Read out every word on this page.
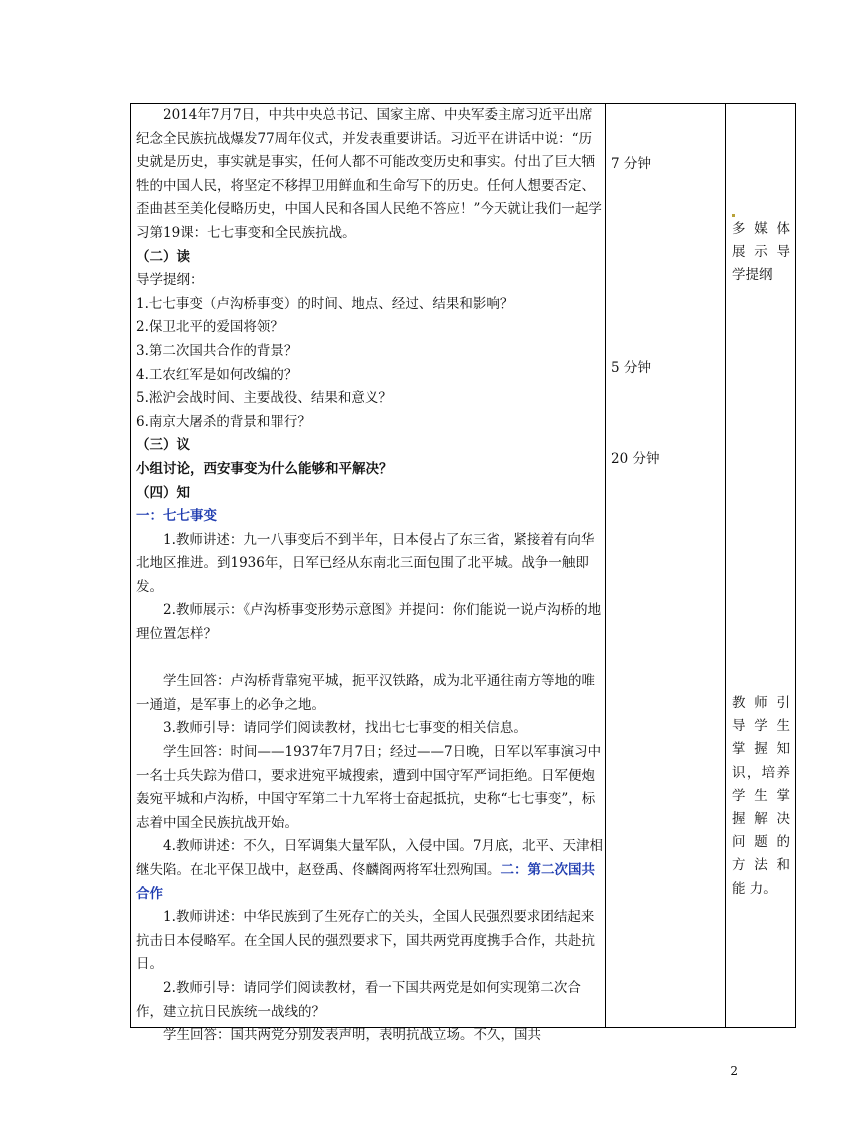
2014年7月7日，中共中央总书记、国家主席、中央军委主席习近平出席纪念全民族抗战爆发77周年仪式，并发表重要讲话。习近平在讲话中说：“历史就是历史，事实就是事实，任何人都不可能改变历史和事实。付出了巨大牺牲的中国人民，将坚定不移捍卫用鲜血和生命写下的历史。任何人想要否定、歪曲甚至美化侵略历史，中国人民和各国人民绝不答应！”今天就让我们一起学习第19课：七七事变和全民族抗战。

（二）读

导学提纲：

1.七七事变（卢沟桥事变）的时间、地点、经过、结果和影响？

2.保卫北平的爱国将领？

3.第二次国共合作的背景？

4.工农红军是如何改编的？

5.淞沪会战时间、主要战役、结果和意义？

6.南京大屠杀的背景和罪行？

（三）议

小组讨论，西安事变为什么能够和平解决？

（四）知

一：七七事变

1.教师讲述：九一八事变后不到半年，日本侵占了东三省，紧接着有向华北地区推进。到1936年，日军已经从东南北三面包围了北平城。战争一触即发。

2.教师展示：《卢沟桥事变形势示意图》并提问：你们能说一说卢沟桥的地理位置怎样？

学生回答：卢沟桥背靠宛平城，扼平汉铁路，成为北平通往南方等地的唯一通道，是军事上的必争之地。

3.教师引导：请同学们阅读教材，找出七七事变的相关信息。

学生回答：时间——1937年7月7日；经过——7日晚，日军以军事演习中一名士兵失踪为借口，要求进宛平城搜索，遭到中国守军严词拒绝。日军便炮轰宛平城和卢沟桥，中国守军第二十九军将士奋起抵抗，史称“七七事变”，标志着中国全民族抗战开始。

4.教师讲述：不久，日军调集大量军队，入侵中国。7月底，北平、天津相继失陷。在北平保卫战中，赵登禹、佟麟阁两将军壮烈殉国。二：第二次国共合作

1.教师讲述：中华民族到了生死存亡的关头，全国人民强烈要求团结起来抗击日本侵略军。在全国人民的强烈要求下，国共两党再度携手合作，共赴抗日。

2.教师引导：请同学们阅读教材，看一下国共两党是如何实现第二次合作，建立抗日民族统一战线的？

学生回答：国共两党分别发表声明，表明抗战立场。不久，国共

7 分钟
5 分钟
20 分钟
多 媒 体
展 示 导
学提纲
教 师 引
导 学 生
掌 握 知
识，培养
学 生 掌
握 解 决
问 题 的
方 法 和
能 力。
2
